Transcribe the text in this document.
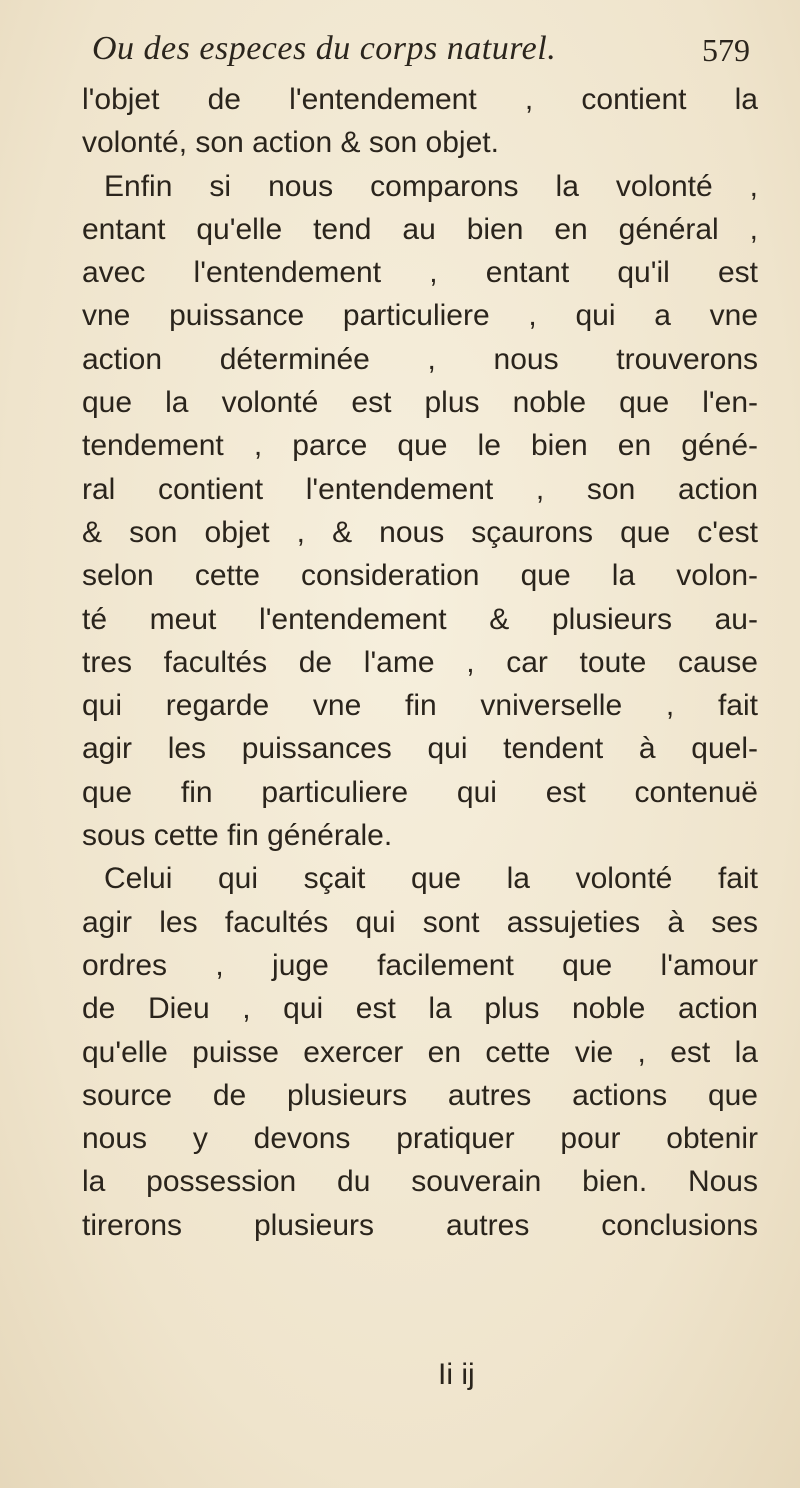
Ou des especes du corps naturel.	579
l'objet de l'entendement , contient la
volonté, son action & son objet.
Enfin si nous comparons la volonté ,
entant qu'elle tend au bien en général ,
avec l'entendement , entant qu'il est
vne puissance particuliere , qui a vne
action déterminée , nous trouverons
que la volonté est plus noble que l'en-
tendement , parce que le bien en géné-
ral contient l'entendement , son action
& son objet , & nous sçaurons que c'est
selon cette consideration que la volon-
té meut l'entendement & plusieurs au-
tres facultés de l'ame , car toute cause
qui regarde vne fin vniverselle , fait
agir les puissances qui tendent à quel-
que fin particuliere qui est contenuë
sous cette fin générale.
Celui qui sçait que la volonté fait
agir les facultés qui sont assujeties à ses
ordres , juge facilement que l'amour
de Dieu , qui est la plus noble action
qu'elle puisse exercer en cette vie , est la
source de plusieurs autres actions que
nous y devons pratiquer pour obtenir
la possession du souverain bien. Nous
tirerons plusieurs autres conclusions
Ii ij
